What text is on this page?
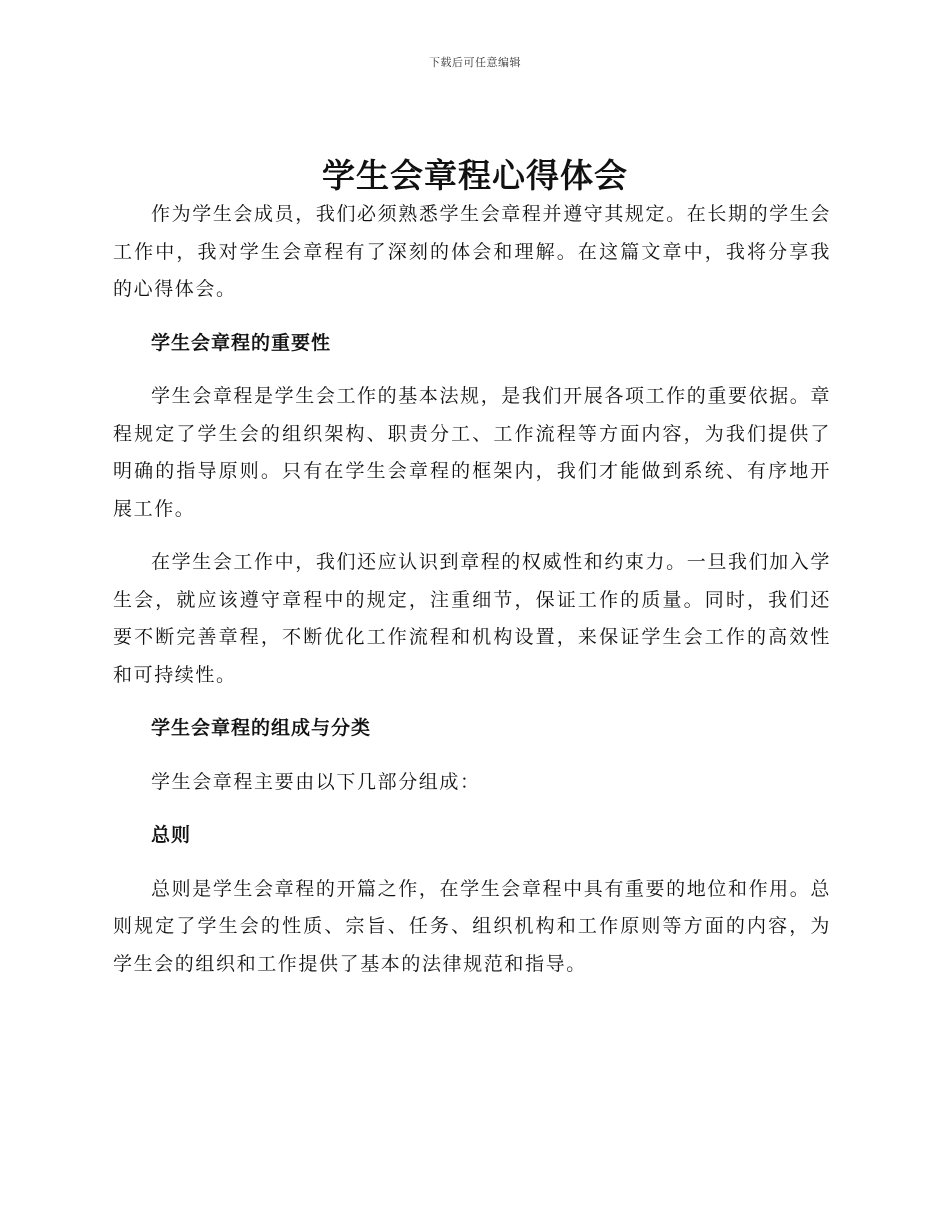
下载后可任意编辑
学生会章程心得体会

作为学生会成员，我们必须熟悉学生会章程并遵守其规定。在长期的学生会工作中，我对学生会章程有了深刻的体会和理解。在这篇文章中，我将分享我的心得体会。

学生会章程的重要性

学生会章程是学生会工作的基本法规，是我们开展各项工作的重要依据。章程规定了学生会的组织架构、职责分工、工作流程等方面内容，为我们提供了明确的指导原则。只有在学生会章程的框架内，我们才能做到系统、有序地开展工作。

在学生会工作中，我们还应认识到章程的权威性和约束力。一旦我们加入学生会，就应该遵守章程中的规定，注重细节，保证工作的质量。同时，我们还要不断完善章程，不断优化工作流程和机构设置，来保证学生会工作的高效性和可持续性。

学生会章程的组成与分类

学生会章程主要由以下几部分组成：

总则

总则是学生会章程的开篇之作，在学生会章程中具有重要的地位和作用。总则规定了学生会的性质、宗旨、任务、组织机构和工作原则等方面的内容，为学生会的组织和工作提供了基本的法律规范和指导。
